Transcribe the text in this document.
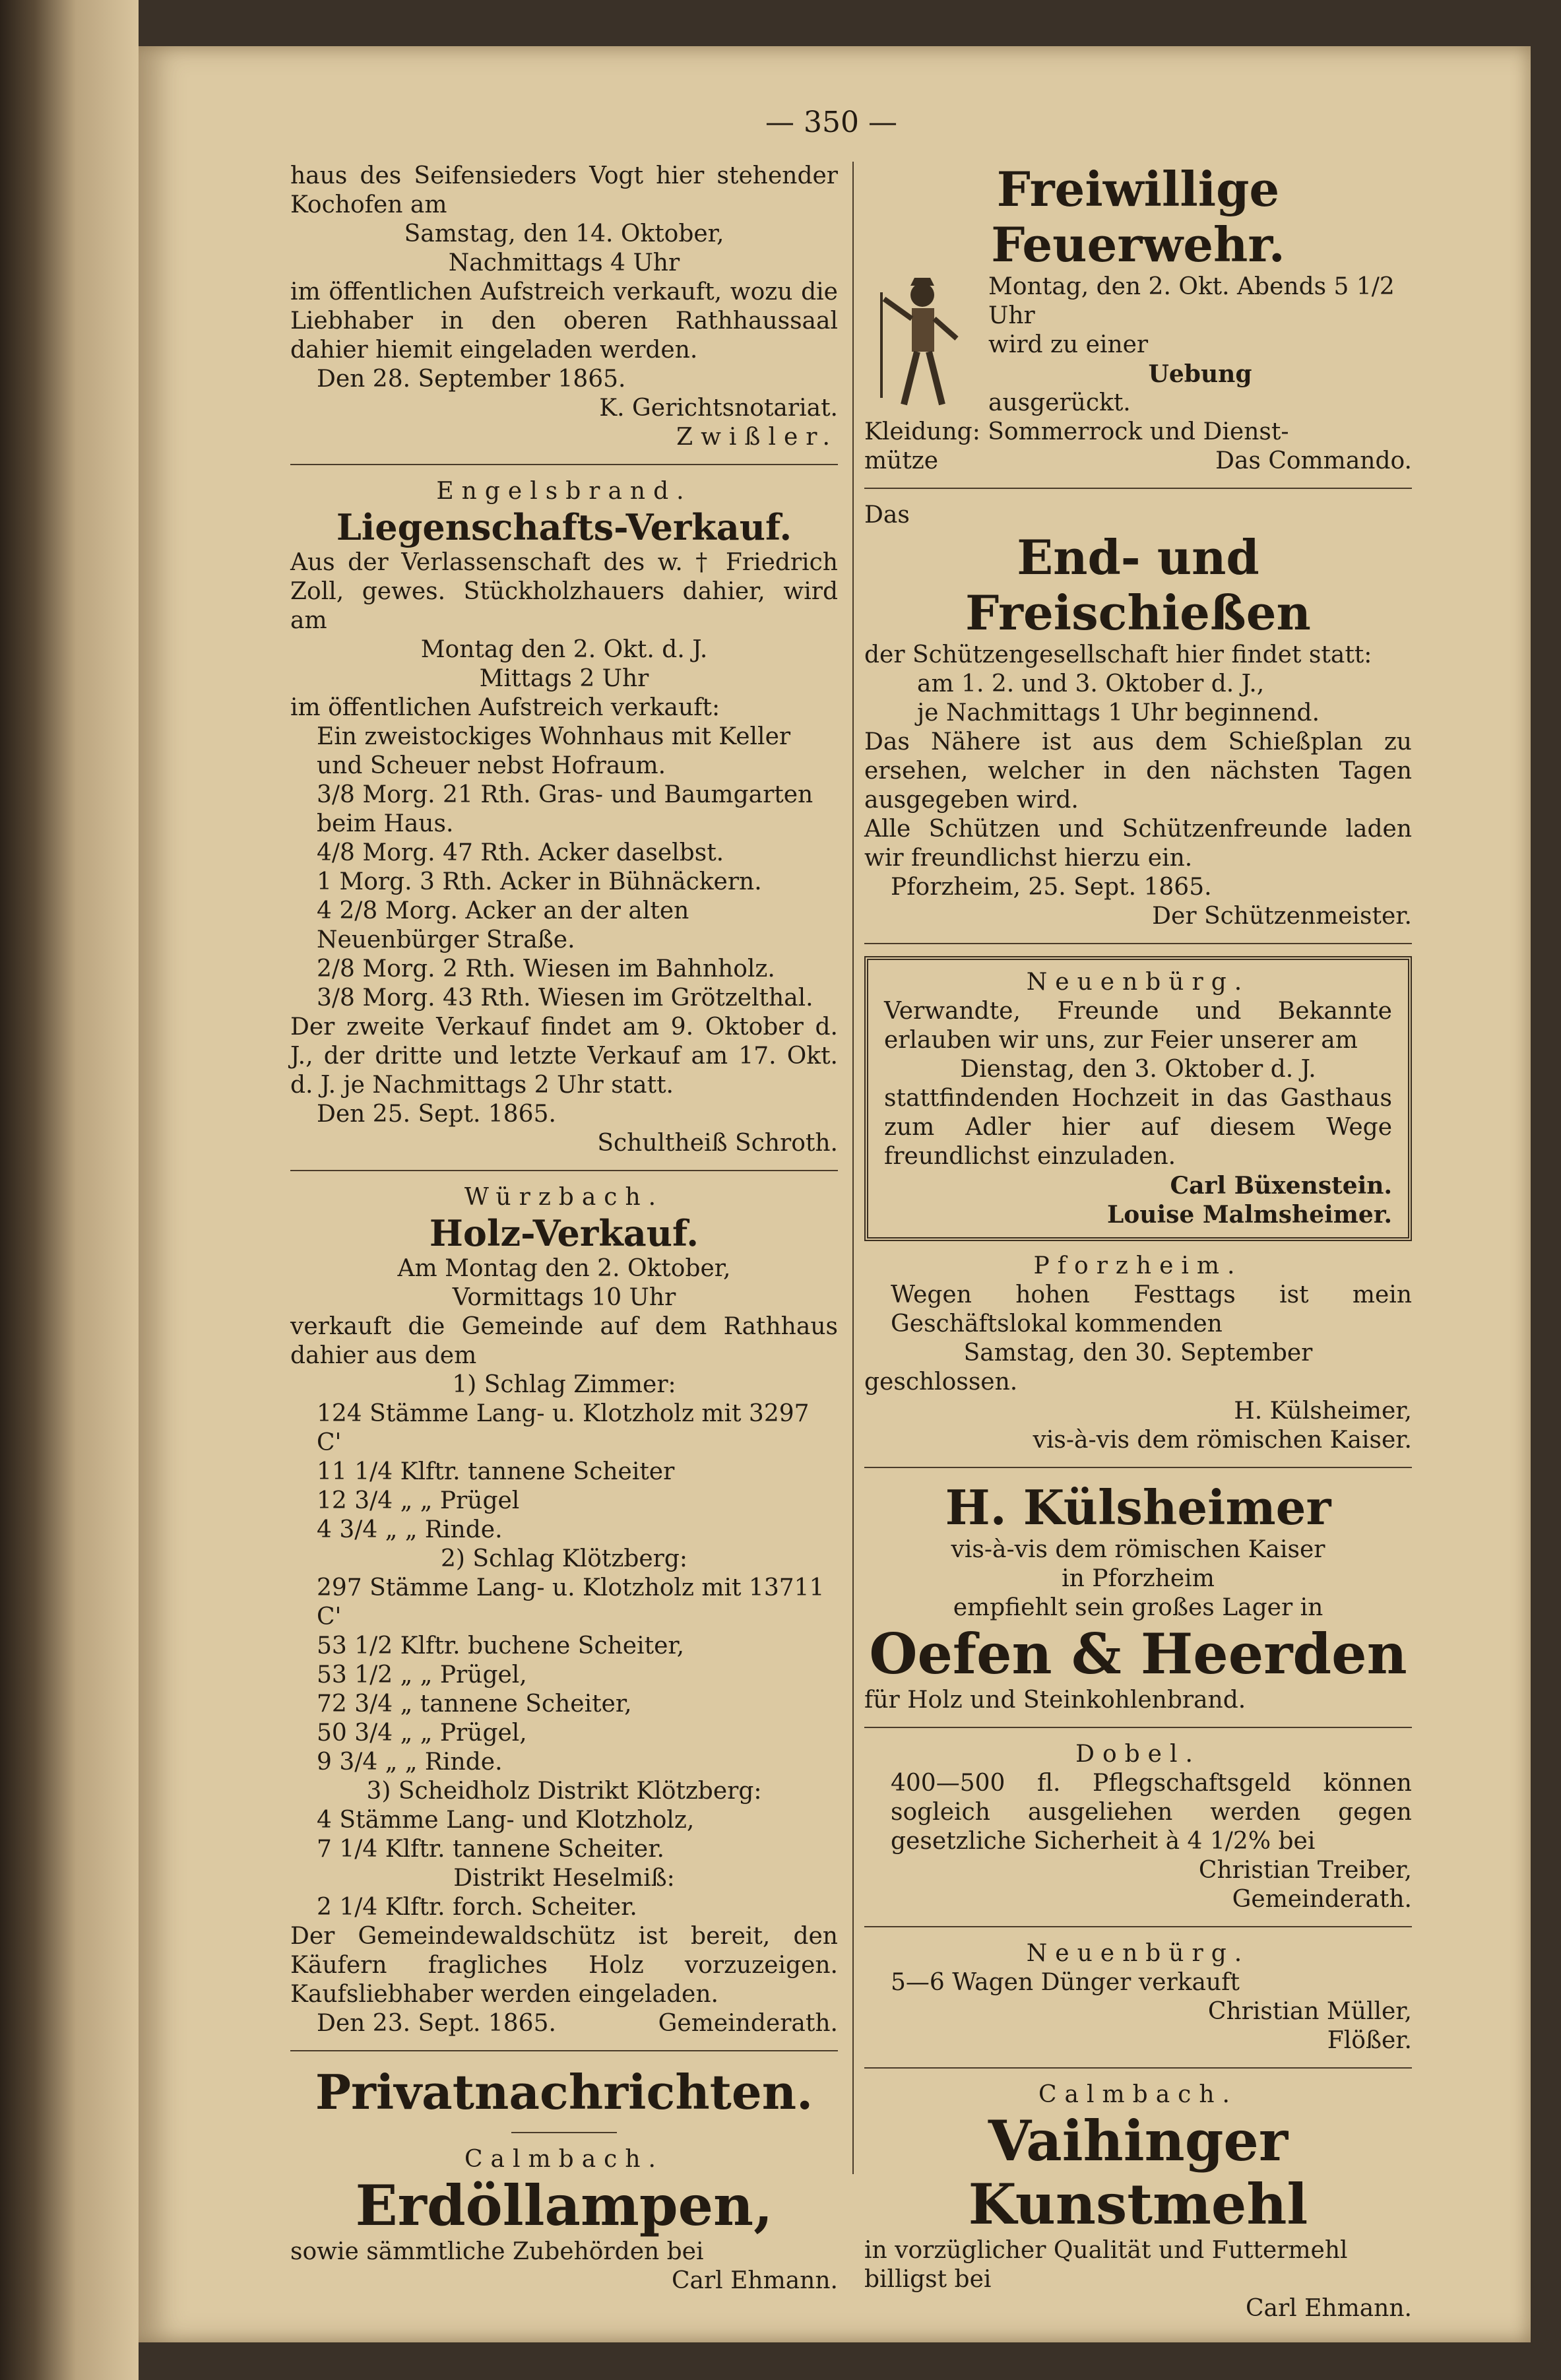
— 350 —

haus des Seifensieders Vogt hier stehender Kochofen am

Samstag, den 14. Oktober,

Nachmittags 4 Uhr

im öffentlichen Aufstreich verkauft, wozu die Liebhaber in den oberen Rathhaussaal dahier hiemit eingeladen werden.

Den 28. September 1865.

K. Gerichtsnotariat.

Zwißler.

Engelsbrand.

Liegenschafts-Verkauf.

Aus der Verlassenschaft des w. † Friedrich Zoll, gewes. Stückholzhauers dahier, wird am

Montag den 2. Okt. d. J.

Mittags 2 Uhr

im öffentlichen Aufstreich verkauft:

Ein zweistockiges Wohnhaus mit Keller und Scheuer nebst Hofraum.

3/8 Morg. 21 Rth. Gras- und Baumgarten beim Haus.

4/8 Morg. 47 Rth. Acker daselbst.

1 Morg. 3 Rth. Acker in Bühnäckern.

4 2/8 Morg. Acker an der alten Neuenbürger Straße.

2/8 Morg. 2 Rth. Wiesen im Bahnholz.

3/8 Morg. 43 Rth. Wiesen im Grötzelthal.

Der zweite Verkauf findet am 9. Oktober d. J., der dritte und letzte Verkauf am 17. Okt. d. J. je Nachmittags 2 Uhr statt.

Den 25. Sept. 1865.

Schultheiß Schroth.

Würzbach.

Holz-Verkauf.

Am Montag den 2. Oktober,

Vormittags 10 Uhr

verkauft die Gemeinde auf dem Rathhaus dahier aus dem

1) Schlag Zimmer:

124 Stämme Lang- u. Klotzholz mit 3297 C'

11 1/4 Klftr. tannene Scheiter

12 3/4 „ „ Prügel

4 3/4 „ „ Rinde.

2) Schlag Klötzberg:

297 Stämme Lang- u. Klotzholz mit 13711 C'

53 1/2 Klftr. buchene Scheiter,

53 1/2 „ „ Prügel,

72 3/4 „ tannene Scheiter,

50 3/4 „ „ Prügel,

9 3/4 „ „ Rinde.

3) Scheidholz Distrikt Klötzberg:

4 Stämme Lang- und Klotzholz,

7 1/4 Klftr. tannene Scheiter.

Distrikt Heselmiß:

2 1/4 Klftr. forch. Scheiter.

Der Gemeindewaldschütz ist bereit, den Käufern fragliches Holz vorzuzeigen. Kaufsliebhaber werden eingeladen.

Den 23. Sept. 1865.	Gemeinderath.

Privatnachrichten.

Calmbach.

Erdöllampen,

sowie sämmtliche Zubehörden bei

Carl Ehmann.

Freiwillige Feuerwehr.

Montag, den 2. Okt. Abends 5 1/2 Uhr

wird zu einer

Uebung

ausgerückt.

Kleidung: Sommerrock und Dienst-

mütze	Das Commando.

Das

End- und Freischießen

der Schützengesellschaft hier findet statt:

am 1. 2. und 3. Oktober d. J.,

je Nachmittags 1 Uhr beginnend.

Das Nähere ist aus dem Schießplan zu ersehen, welcher in den nächsten Tagen ausgegeben wird.

Alle Schützen und Schützenfreunde laden wir freundlichst hierzu ein.

Pforzheim, 25. Sept. 1865.

Der Schützenmeister.

Neuenbürg.

Verwandte, Freunde und Bekannte erlauben wir uns, zur Feier unserer am

Dienstag, den 3. Oktober d. J.

stattfindenden Hochzeit in das Gasthaus zum Adler hier auf diesem Wege freundlichst einzuladen.

Carl Büxenstein.

Louise Malmsheimer.

Pforzheim.

Wegen hohen Festtags ist mein Geschäftslokal kommenden

Samstag, den 30. September

geschlossen.

H. Külsheimer,

vis-à-vis dem römischen Kaiser.

H. Külsheimer

vis-à-vis dem römischen Kaiser

in Pforzheim

empfiehlt sein großes Lager in

Oefen & Heerden

für Holz und Steinkohlenbrand.

Dobel.

400—500 fl. Pflegschaftsgeld können sogleich ausgeliehen werden gegen gesetzliche Sicherheit à 4 1/2% bei

Christian Treiber,

Gemeinderath.

Neuenbürg.

5—6 Wagen Dünger verkauft

Christian Müller,

Flößer.

Calmbach.

Vaihinger Kunstmehl

in vorzüglicher Qualität und Futtermehl

billigst bei

Carl Ehmann.
